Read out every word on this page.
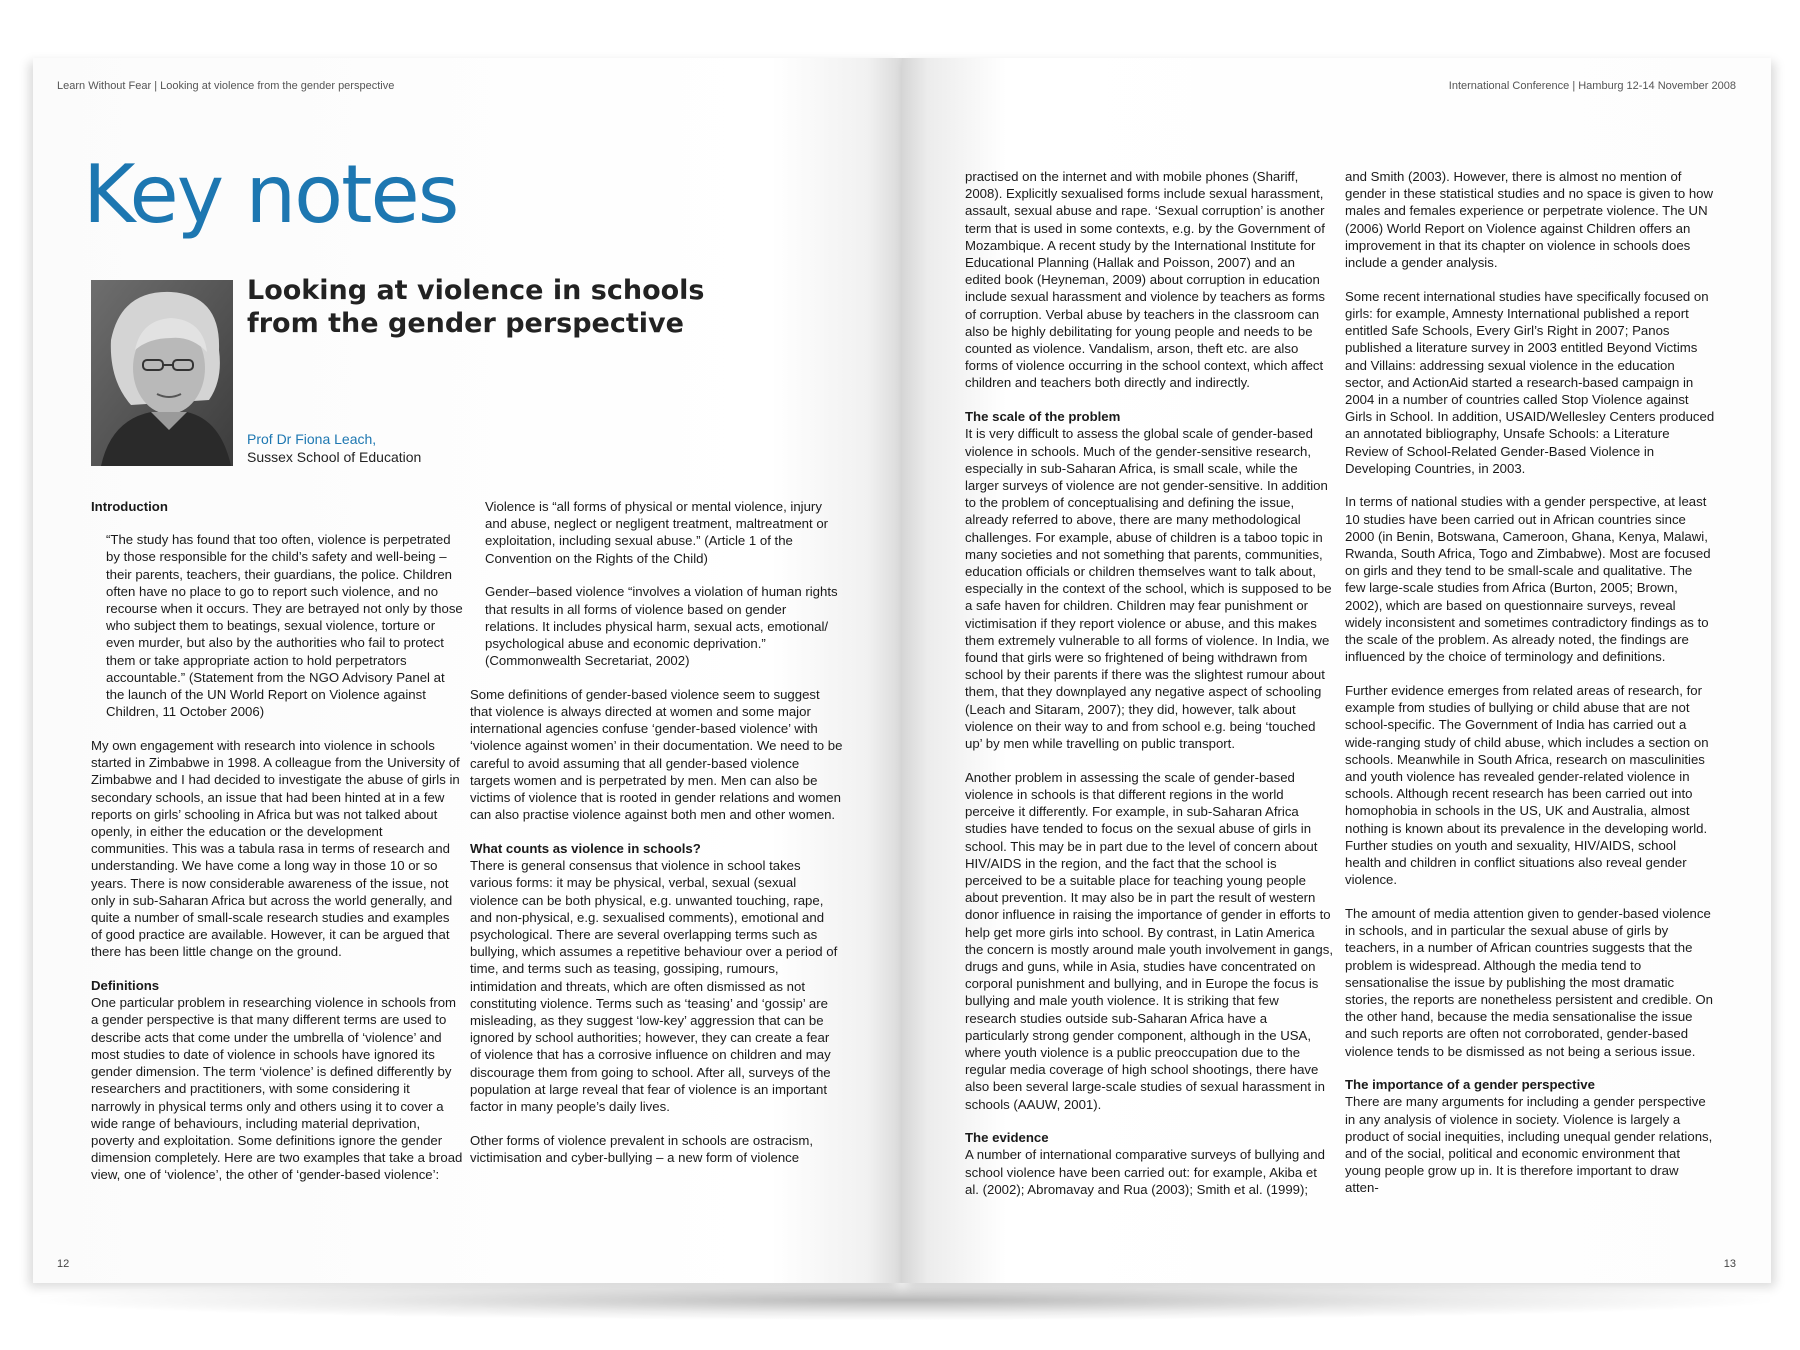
Learn Without Fear | Looking at violence from the gender perspective
Key notes
Looking at violence in schools
from the gender perspective
Prof Dr Fiona Leach,
Sussex School of Education
Introduction

“The study has found that too often, violence is perpetrated by those responsible for the child’s safety and well-being – their parents, teachers, their guardians, the police. Children often have no place to go to report such violence, and no recourse when it occurs. They are betrayed not only by those who subject them to beatings, sexual violence, torture or even murder, but also by the authorities who fail to protect them or take appropriate action to hold perpetrators accountable.” (Statement from the NGO Advisory Panel at the launch of the UN World Report on Violence against Children, 11 October 2006)

My own engagement with research into violence in schools started in Zimbabwe in 1998. A colleague from the University of Zimbabwe and I had decided to investigate the abuse of girls in secondary schools, an issue that had been hinted at in a few reports on girls’ schooling in Africa but was not talked about openly, in either the education or the development communities. This was a tabula rasa in terms of research and understanding. We have come a long way in those 10 or so years. There is now considerable awareness of the issue, not only in sub-Saharan Africa but across the world generally, and quite a number of small-scale research studies and examples of good practice are available. However, it can be argued that there has been little change on the ground.

Definitions

One particular problem in researching violence in schools from a gender perspective is that many different terms are used to describe acts that come under the umbrella of ‘violence’ and most studies to date of violence in schools have ignored its gender dimension. The term ‘violence’ is defined differently by researchers and practitioners, with some considering it narrowly in physical terms only and others using it to cover a wide range of behaviours, including material deprivation, poverty and exploitation. Some definitions ignore the gender dimension completely. Here are two examples that take a broad view, one of ‘violence’, the other of ‘gender-based violence’:

Violence is “all forms of physical or mental violence, injury and abuse, neglect or negligent treatment, maltreatment or exploitation, including sexual abuse.” (Article 1 of the Convention on the Rights of the Child)

Gender–based violence “involves a violation of human rights that results in all forms of violence based on gender relations. It includes physical harm, sexual acts, emotional/ psychological abuse and economic deprivation.” (Commonwealth Secretariat, 2002)

Some definitions of gender-based violence seem to suggest that violence is always directed at women and some major international agencies confuse ‘gender-based violence’ with ‘violence against women’ in their documentation. We need to be careful to avoid assuming that all gender-based violence targets women and is perpetrated by men. Men can also be victims of violence that is rooted in gender relations and women can also practise violence against both men and other women.

What counts as violence in schools?

There is general consensus that violence in school takes various forms: it may be physical, verbal, sexual (sexual violence can be both physical, e.g. unwanted touching, rape, and non-physical, e.g. sexualised comments), emotional and psychological. There are several overlapping terms such as bullying, which assumes a repetitive behaviour over a period of time, and terms such as teasing, gossiping, rumours, intimidation and threats, which are often dismissed as not constituting violence. Terms such as ‘teasing’ and ‘gossip’ are misleading, as they suggest ‘low-key’ aggression that can be ignored by school authorities; however, they can create a fear of violence that has a corrosive influence on children and may discourage them from going to school. After all, surveys of the population at large reveal that fear of violence is an important factor in many people’s daily lives.

Other forms of violence prevalent in schools are ostracism, victimisation and cyber-bullying – a new form of violence

12
International Conference | Hamburg 12-14 November 2008

practised on the internet and with mobile phones (Shariff, 2008). Explicitly sexualised forms include sexual harassment, assault, sexual abuse and rape. ‘Sexual corruption’ is another term that is used in some contexts, e.g. by the Government of Mozambique. A recent study by the International Institute for Educational Planning (Hallak and Poisson, 2007) and an edited book (Heyneman, 2009) about corruption in education include sexual harassment and violence by teachers as forms of corruption. Verbal abuse by teachers in the classroom can also be highly debilitating for young people and needs to be counted as violence. Vandalism, arson, theft etc. are also forms of violence occurring in the school context, which affect children and teachers both directly and indirectly.

The scale of the problem

It is very difficult to assess the global scale of gender-based violence in schools. Much of the gender-sensitive research, especially in sub-Saharan Africa, is small scale, while the larger surveys of violence are not gender-sensitive. In addition to the problem of conceptualising and defining the issue, already referred to above, there are many methodological challenges. For example, abuse of children is a taboo topic in many societies and not something that parents, communities, education officials or children themselves want to talk about, especially in the context of the school, which is supposed to be a safe haven for children. Children may fear punishment or victimisation if they report violence or abuse, and this makes them extremely vulnerable to all forms of violence. In India, we found that girls were so frightened of being withdrawn from school by their parents if there was the slightest rumour about them, that they downplayed any negative aspect of schooling (Leach and Sitaram, 2007); they did, however, talk about violence on their way to and from school e.g. being ‘touched up’ by men while travelling on public transport.

Another problem in assessing the scale of gender-based violence in schools is that different regions in the world perceive it differently. For example, in sub-Saharan Africa studies have tended to focus on the sexual abuse of girls in school. This may be in part due to the level of concern about HIV/AIDS in the region, and the fact that the school is perceived to be a suitable place for teaching young people about prevention. It may also be in part the result of western donor influence in raising the importance of gender in efforts to help get more girls into school. By contrast, in Latin America the concern is mostly around male youth involvement in gangs, drugs and guns, while in Asia, studies have concentrated on corporal punishment and bullying, and in Europe the focus is bullying and male youth violence. It is striking that few research studies outside sub-Saharan Africa have a particularly strong gender component, although in the USA, where youth violence is a public preoccupation due to the regular media coverage of high school shootings, there have also been several large-scale studies of sexual harassment in schools (AAUW, 2001).

The evidence

A number of international comparative surveys of bullying and school violence have been carried out: for example, Akiba et al. (2002); Abromavay and Rua (2003); Smith et al. (1999);

and Smith (2003). However, there is almost no mention of gender in these statistical studies and no space is given to how males and females experience or perpetrate violence. The UN (2006) World Report on Violence against Children offers an improvement in that its chapter on violence in schools does include a gender analysis.

Some recent international studies have specifically focused on girls: for example, Amnesty International published a report entitled Safe Schools, Every Girl’s Right in 2007; Panos published a literature survey in 2003 entitled Beyond Victims and Villains: addressing sexual violence in the education sector, and ActionAid started a research-based campaign in 2004 in a number of countries called Stop Violence against Girls in School. In addition, USAID/Wellesley Centers produced an annotated bibliography, Unsafe Schools: a Literature Review of School-Related Gender-Based Violence in Developing Countries, in 2003.

In terms of national studies with a gender perspective, at least 10 studies have been carried out in African countries since 2000 (in Benin, Botswana, Cameroon, Ghana, Kenya, Malawi, Rwanda, South Africa, Togo and Zimbabwe). Most are focused on girls and they tend to be small-scale and qualitative. The few large-scale studies from Africa (Burton, 2005; Brown, 2002), which are based on questionnaire surveys, reveal widely inconsistent and sometimes contradictory findings as to the scale of the problem. As already noted, the findings are influenced by the choice of terminology and definitions.

Further evidence emerges from related areas of research, for example from studies of bullying or child abuse that are not school-specific. The Government of India has carried out a wide-ranging study of child abuse, which includes a section on schools. Meanwhile in South Africa, research on masculinities and youth violence has revealed gender-related violence in schools. Although recent research has been carried out into homophobia in schools in the US, UK and Australia, almost nothing is known about its prevalence in the developing world. Further studies on youth and sexuality, HIV/AIDS, school health and children in conflict situations also reveal gender violence.

The amount of media attention given to gender-based violence in schools, and in particular the sexual abuse of girls by teachers, in a number of African countries suggests that the problem is widespread. Although the media tend to sensationalise the issue by publishing the most dramatic stories, the reports are nonetheless persistent and credible. On the other hand, because the media sensationalise the issue and such reports are often not corroborated, gender-based violence tends to be dismissed as not being a serious issue.

The importance of a gender perspective

There are many arguments for including a gender perspective in any analysis of violence in society. Violence is largely a product of social inequities, including unequal gender relations, and of the social, political and economic environment that young people grow up in. It is therefore important to draw atten-

13
